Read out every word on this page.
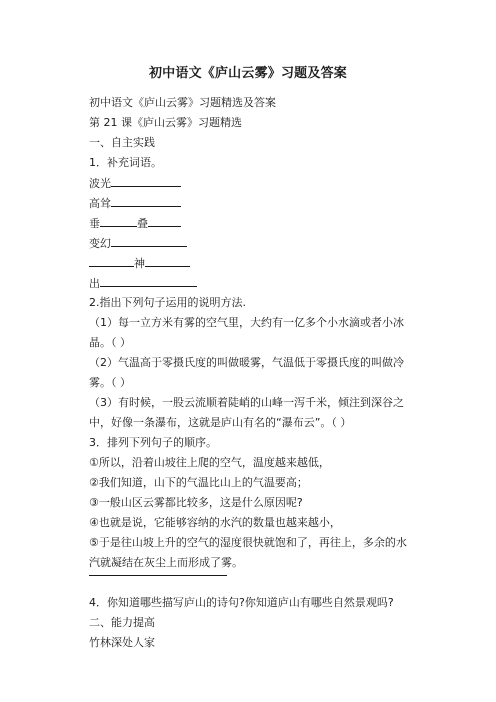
初中语文《庐山云雾》习题及答案
初中语文《庐山云雾》习题精选及答案
第 21 课《庐山云雾》习题精选
一、自主实践
1．补充词语。
波光
高耸
垂	叠
变幻
神
出
2.指出下列句子运用的说明方法.
（1）每一立方米有雾的空气里，大约有一亿多个小水滴或者小冰晶。（ ）
（2）气温高于零摄氏度的叫做暖雾，气温低于零摄氏度的叫做冷雾。（ ）
（3）有时候，一股云流顺着陡峭的山峰一泻千米，倾注到深谷之中，好像一条瀑布，这就是庐山有名的“瀑布云”。（ ）
3．排列下列句子的顺序。
①所以，沿着山坡往上爬的空气，温度越来越低，
②我们知道，山下的气温比山上的气温要高；
③一般山区云雾都比较多，这是什么原因呢?
④也就是说，它能够容纳的水汽的数量也越来越小，
⑤于是往山坡上升的空气的湿度很快就饱和了，再往上，多余的水汽就凝结在灰尘上而形成了雾。
4．你知道哪些描写庐山的诗句?你知道庐山有哪些自然景观吗?
二、能力提高
竹林深处人家
